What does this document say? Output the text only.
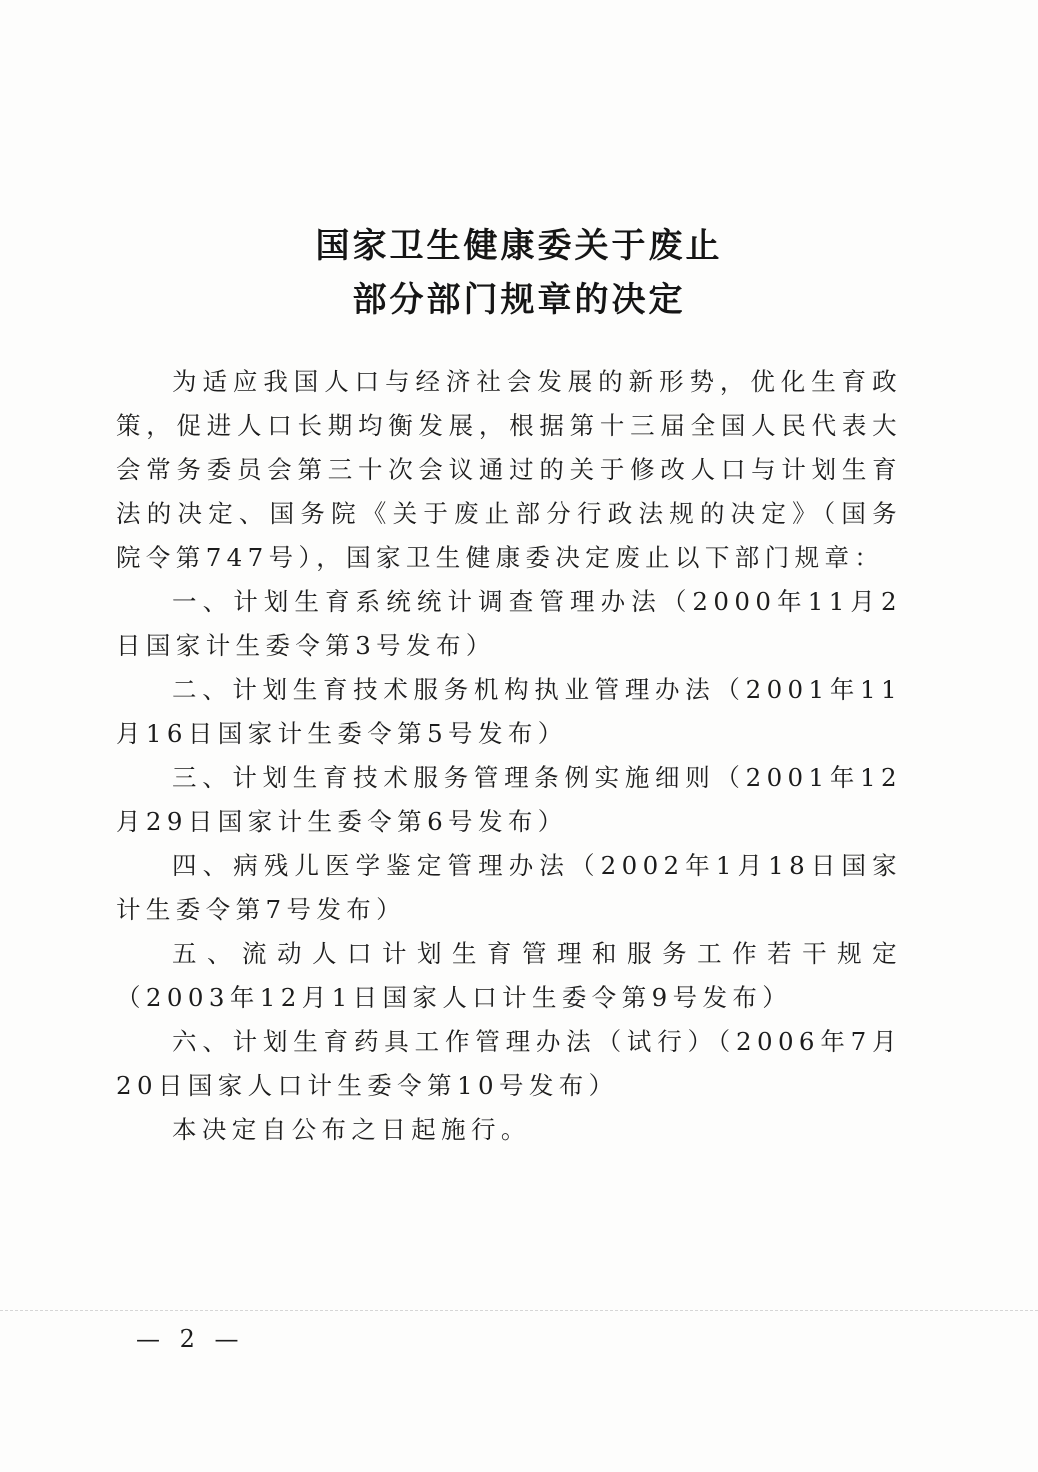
国家卫生健康委关于废止
部分部门规章的决定

为适应我国人口与经济社会发展的新形势，优化生育政策，促进人口长期均衡发展，根据第十三届全国人民代表大会常务委员会第三十次会议通过的关于修改人口与计划生育法的决定、国务院《关于废止部分行政法规的决定》（国务院令第747号），国家卫生健康委决定废止以下部门规章：

一、计划生育系统统计调查管理办法（2000年11月2日国家计生委令第3号发布）

二、计划生育技术服务机构执业管理办法（2001年11月16日国家计生委令第5号发布）

三、计划生育技术服务管理条例实施细则（2001年12月29日国家计生委令第6号发布）

四、病残儿医学鉴定管理办法（2002年1月18日国家计生委令第7号发布）

五、流动人口计划生育管理和服务工作若干规定（2003年12月1日国家人口计生委令第9号发布）

六、计划生育药具工作管理办法（试行）（2006年7月20日国家人口计生委令第10号发布）

本决定自公布之日起施行。

— 2 —
